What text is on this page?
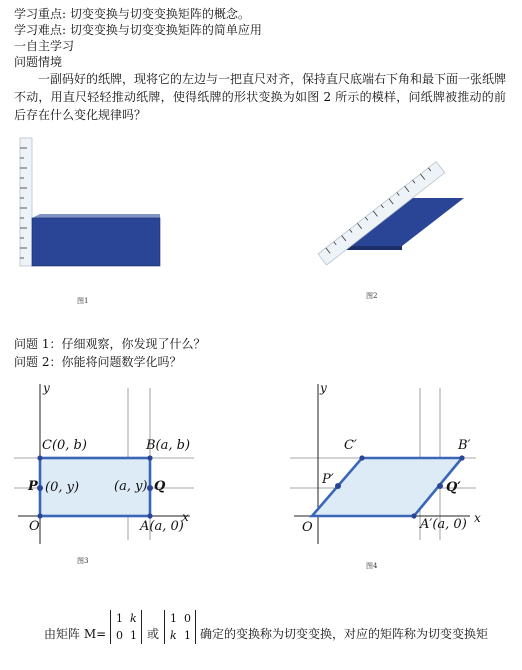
学习重点: 切变变换与切变变换矩阵的概念。
学习难点: 切变变换与切变变换矩阵的简单应用
一自主学习
问题情境
一副码好的纸牌，现将它的左边与一把直尺对齐，保持直尺底端右下角和最下面一张纸牌不动，用直尺轻轻推动纸牌，使得纸牌的形状变换为如图 2 所示的模样，问纸牌被推动的前后存在什么变化规律吗？
图1
图2
问题 1：仔细观察，你发现了什么？
问题 2：你能将问题数学化吗？
y
x
O
C(0, b)	B(a, b)
P (0, y)	(a, y) Q
A(a, 0)
图3
y
x
O
C′	B′
P′
Q′
A′(a, 0)
图4
由矩阵 M=
1 k
0 1 或
1 0
k 1 确定的变换称为切变变换，对应的矩阵称为切变变换矩
